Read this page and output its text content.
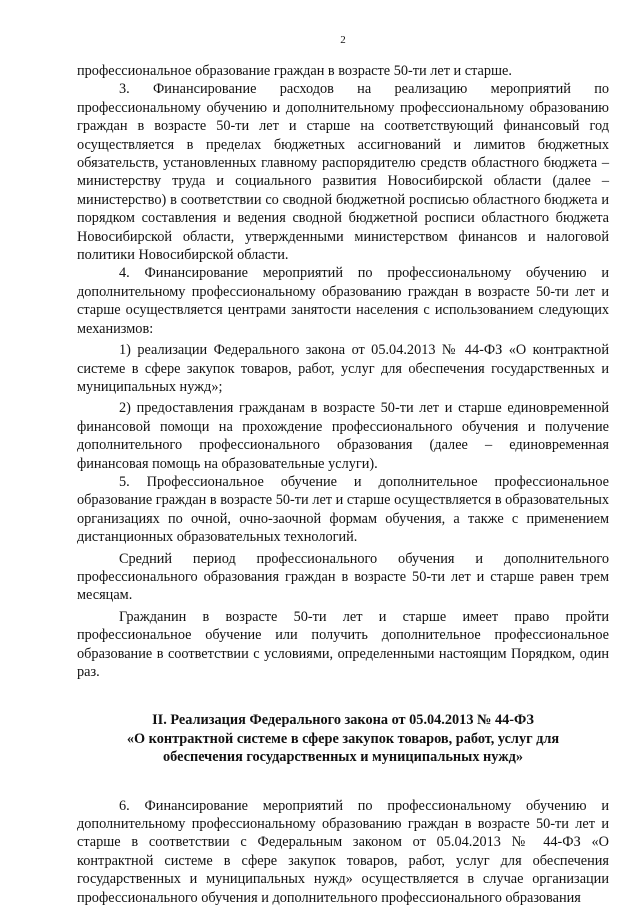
2

профессиональное образование граждан в возрасте 50-ти лет и старше.

3. Финансирование расходов на реализацию мероприятий по профессиональному обучению и дополнительному профессиональному образованию граждан в возрасте 50-ти лет и старше на соответствующий финансовый год осуществляется в пределах бюджетных ассигнований и лимитов бюджетных обязательств, установленных главному распорядителю средств областного бюджета – министерству труда и социального развития Новосибирской области (далее – министерство) в соответствии со сводной бюджетной росписью областного бюджета и порядком составления и ведения сводной бюджетной росписи областного бюджета Новосибирской области, утвержденными министерством финансов и налоговой политики Новосибирской области.

4. Финансирование мероприятий по профессиональному обучению и дополнительному профессиональному образованию граждан в возрасте 50-ти лет и старше осуществляется центрами занятости населения с использованием следующих механизмов:

1) реализации Федерального закона от 05.04.2013 № 44-ФЗ «О контрактной системе в сфере закупок товаров, работ, услуг для обеспечения государственных и муниципальных нужд»;

2) предоставления гражданам в возрасте 50-ти лет и старше единовременной финансовой помощи на прохождение профессионального обучения и получение дополнительного профессионального образования (далее – единовременная финансовая помощь на образовательные услуги).

5. Профессиональное обучение и дополнительное профессиональное образование граждан в возрасте 50-ти лет и старше осуществляется в образовательных организациях по очной, очно-заочной формам обучения, а также с применением дистанционных образовательных технологий.

Средний период профессионального обучения и дополнительного профессионального образования граждан в возрасте 50-ти лет и старше равен трем месяцам.

Гражданин в возрасте 50-ти лет и старше имеет право пройти профессиональное обучение или получить дополнительное профессиональное образование в соответствии с условиями, определенными настоящим Порядком, один раз.

II. Реализация Федерального закона от 05.04.2013 № 44-ФЗ
«О контрактной системе в сфере закупок товаров, работ, услуг для
обеспечения государственных и муниципальных нужд»

6. Финансирование мероприятий по профессиональному обучению и дополнительному профессиональному образованию граждан в возрасте 50-ти лет и старше в соответствии с Федеральным законом от 05.04.2013 № 44-ФЗ «О контрактной системе в сфере закупок товаров, работ, услуг для обеспечения государственных и муниципальных нужд» осуществляется в случае организации профессионального обучения и дополнительного профессионального образования
